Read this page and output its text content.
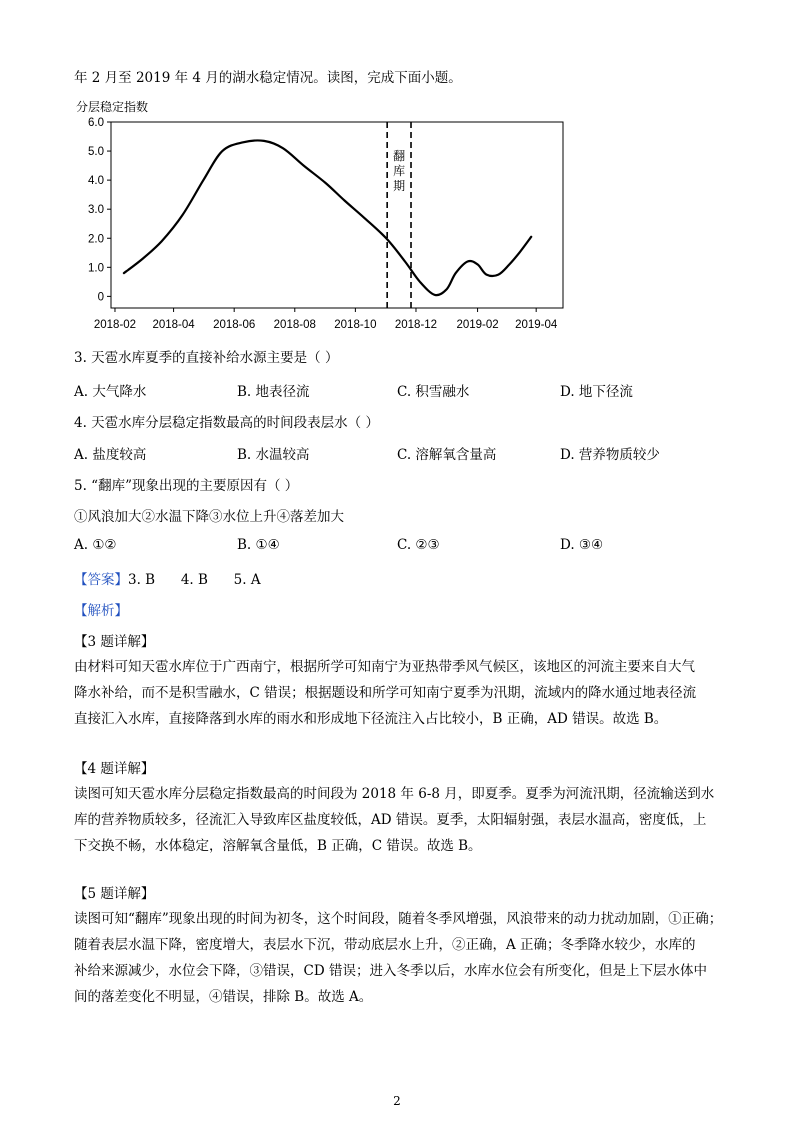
年 2 月至 2019 年 4 月的湖水稳定情况。读图，完成下面小题。
分层稳定指数
6.0
5.0
4.0
3.0
2.0
1.0
0
2018-02 2018-04 2018-06 2018-08 2018-10 2018-12 2019-02 2019-04
翻库期
3. 天雹水库夏季的直接补给水源主要是（ ）
A. 大气降水	B. 地表径流	C. 积雪融水	D. 地下径流
4. 天雹水库分层稳定指数最高的时间段表层水（ ）
A. 盐度较高	B. 水温较高	C. 溶解氧含量高	D. 营养物质较少
5. “翻库”现象出现的主要原因有（ ）
①风浪加大②水温下降③水位上升④落差加大
A. ①②	B. ①④	C. ②③	D. ③④
【答案】3. B      4. B      5. A
【解析】
【3 题详解】
由材料可知天雹水库位于广西南宁，根据所学可知南宁为亚热带季风气候区，该地区的河流主要来自大气
降水补给，而不是积雪融水，C 错误；根据题设和所学可知南宁夏季为汛期，流域内的降水通过地表径流
直接汇入水库，直接降落到水库的雨水和形成地下径流注入占比较小，B 正确，AD 错误。故选 B。
【4 题详解】
读图可知天雹水库分层稳定指数最高的时间段为 2018 年 6-8 月，即夏季。夏季为河流汛期，径流输送到水
库的营养物质较多，径流汇入导致库区盐度较低，AD 错误。夏季，太阳辐射强，表层水温高，密度低，上
下交换不畅，水体稳定，溶解氧含量低，B 正确，C 错误。故选 B。
【5 题详解】
读图可知“翻库”现象出现的时间为初冬，这个时间段，随着冬季风增强，风浪带来的动力扰动加剧，①正确；
随着表层水温下降，密度增大，表层水下沉，带动底层水上升，②正确，A 正确；冬季降水较少，水库的
补给来源减少，水位会下降，③错误，CD 错误；进入冬季以后，水库水位会有所变化，但是上下层水体中
间的落差变化不明显，④错误，排除 B。故选 A。
2
